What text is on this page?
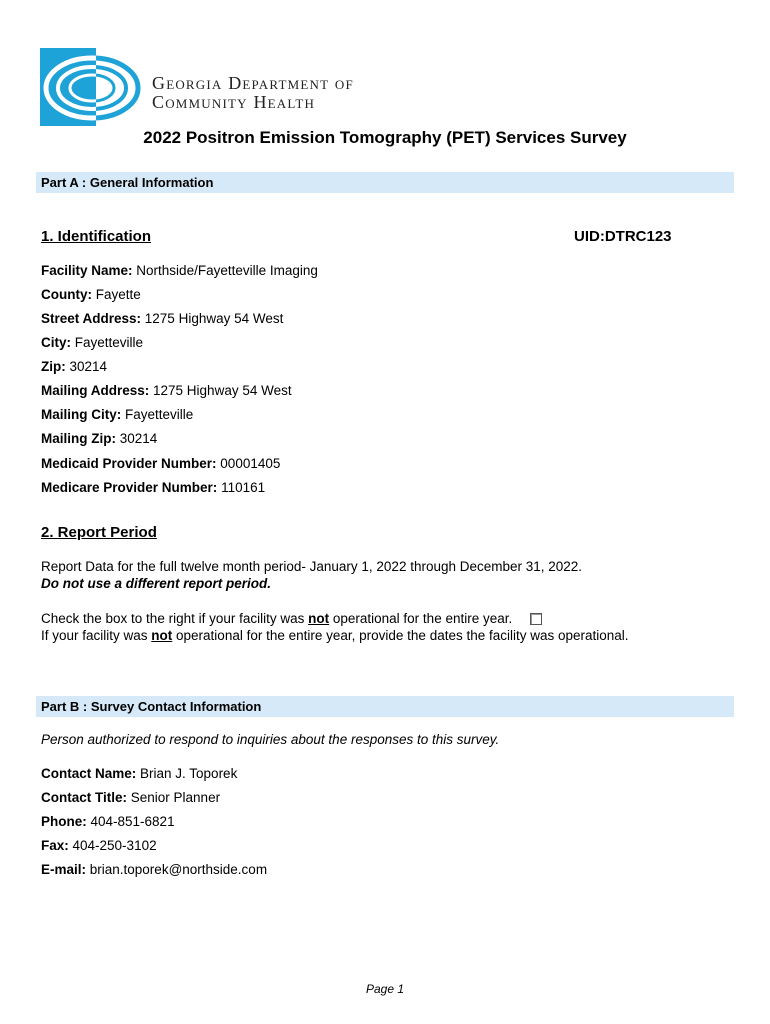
Georgia Department of
Community Health
2022 Positron Emission Tomography (PET) Services Survey
Part A : General Information
1. Identification	UID:DTRC123
Facility Name: Northside/Fayetteville Imaging
County: Fayette
Street Address: 1275 Highway 54 West
City: Fayetteville
Zip: 30214
Mailing Address: 1275 Highway 54 West
Mailing City: Fayetteville
Mailing Zip: 30214
Medicaid Provider Number: 00001405
Medicare Provider Number: 110161
2. Report Period
Report Data for the full twelve month period- January 1, 2022 through December 31, 2022.
Do not use a different report period.
Check the box to the right if your facility was not operational for the entire year.
If your facility was not operational for the entire year, provide the dates the facility was operational.
Part B : Survey Contact Information
Person authorized to respond to inquiries about the responses to this survey.
Contact Name: Brian J. Toporek
Contact Title: Senior Planner
Phone: 404-851-6821
Fax: 404-250-3102
E-mail: brian.toporek@northside.com
Page 1
